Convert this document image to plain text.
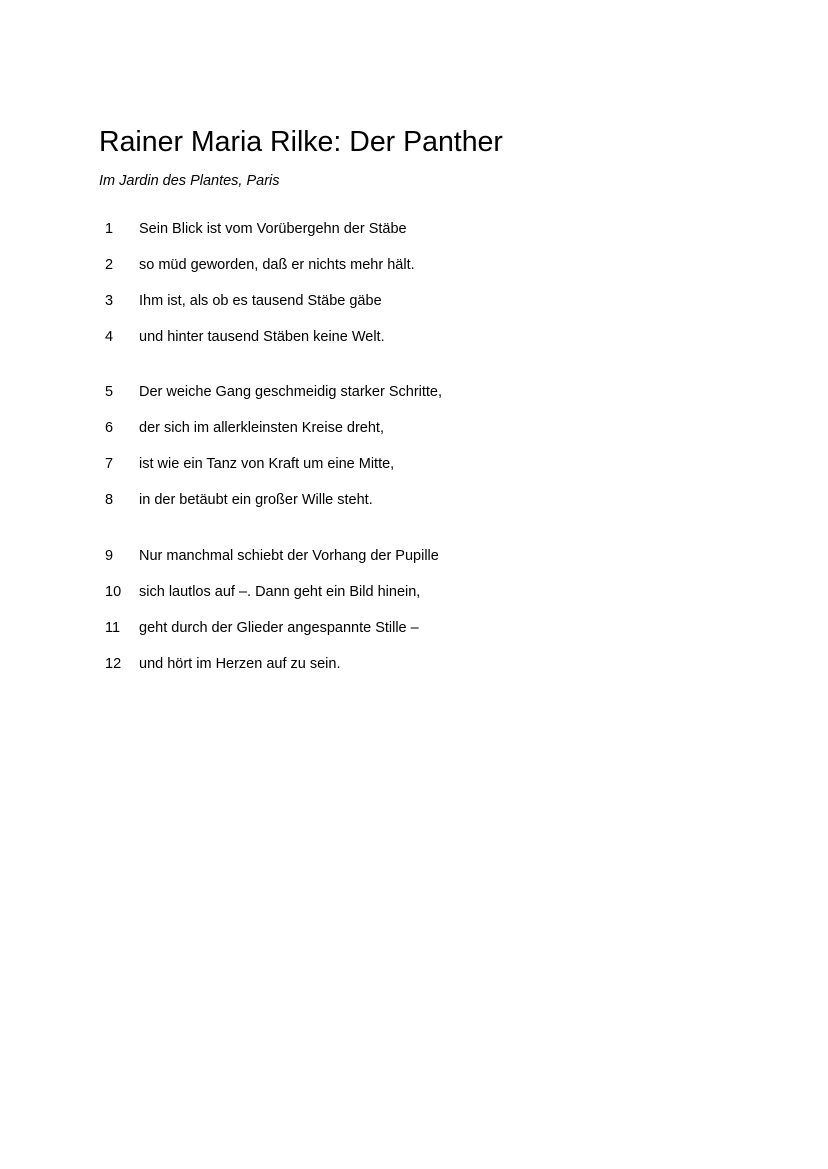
Rainer Maria Rilke: Der Panther
Im Jardin des Plantes, Paris
1 Sein Blick ist vom Vorübergehn der Stäbe
2 so müd geworden, daß er nichts mehr hält.
3 Ihm ist, als ob es tausend Stäbe gäbe
4 und hinter tausend Stäben keine Welt.
5 Der weiche Gang geschmeidig starker Schritte,
6 der sich im allerkleinsten Kreise dreht,
7 ist wie ein Tanz von Kraft um eine Mitte,
8 in der betäubt ein großer Wille steht.
9 Nur manchmal schiebt der Vorhang der Pupille
10 sich lautlos auf –. Dann geht ein Bild hinein,
11 geht durch der Glieder angespannte Stille –
12 und hört im Herzen auf zu sein.
